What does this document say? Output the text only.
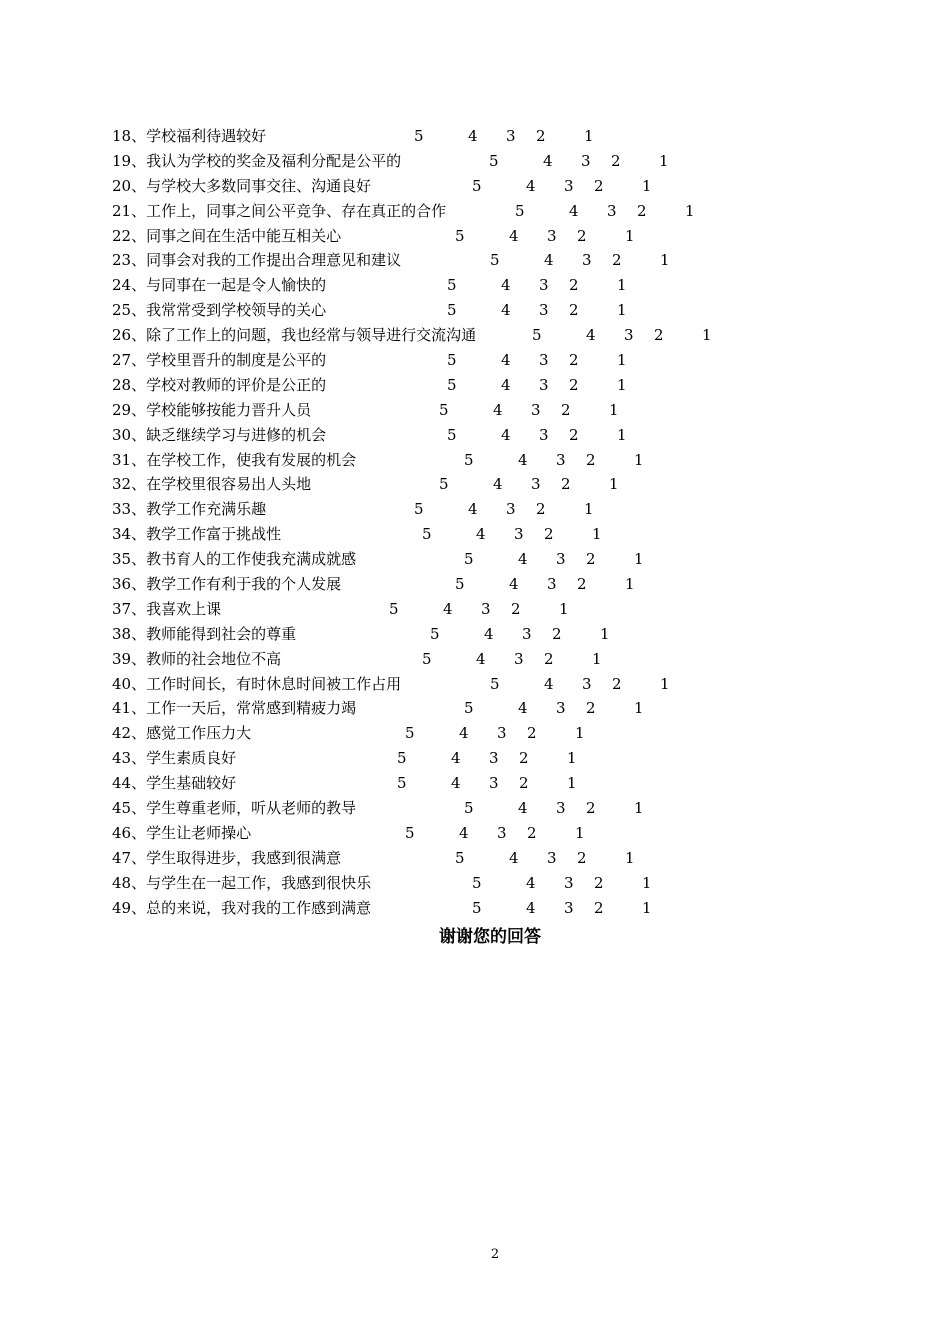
18、学校福利待遇较好	5	4 3 2	1
19、我认为学校的奖金及福利分配是公平的	5	4 3 2	1
20、与学校大多数同事交往、沟通良好	5	4 3 2	1
21、工作上，同事之间公平竞争、存在真正的合作	5	4 3 2	1
22、同事之间在生活中能互相关心	5	4 3 2	1
23、同事会对我的工作提出合理意见和建议	5	4 3 2	1
24、与同事在一起是令人愉快的	5	4 3 2	1
25、我常常受到学校领导的关心	5	4 3 2	1
26、除了工作上的问题，我也经常与领导进行交流沟通	5	4 3 2	1
27、学校里晋升的制度是公平的	5	4 3 2	1
28、学校对教师的评价是公正的	5	4 3 2	1
29、学校能够按能力晋升人员	5	4 3 2	1
30、缺乏继续学习与进修的机会	5	4 3 2	1
31、在学校工作，使我有发展的机会	5	4 3 2	1
32、在学校里很容易出人头地	5	4 3 2	1
33、教学工作充满乐趣	5	4 3 2	1
34、教学工作富于挑战性	5	4 3 2	1
35、教书育人的工作使我充满成就感	5	4 3 2	1
36、教学工作有利于我的个人发展	5	4 3 2	1
37、我喜欢上课	5	4 3 2	1
38、教师能得到社会的尊重	5	4 3 2	1
39、教师的社会地位不高	5	4 3 2	1
40、工作时间长，有时休息时间被工作占用	5	4 3 2	1
41、工作一天后，常常感到精疲力竭	5	4 3 2	1
42、感觉工作压力大	5	4 3 2	1
43、学生素质良好	5	4 3 2	1
44、学生基础较好	5	4 3 2	1
45、学生尊重老师，听从老师的教导	5	4 3 2	1
46、学生让老师操心	5	4 3 2	1
47、学生取得进步，我感到很满意	5	4 3 2	1
48、与学生在一起工作，我感到很快乐	5	4 3 2	1
49、总的来说，我对我的工作感到满意	5	4 3 2	1
谢谢您的回答
2
